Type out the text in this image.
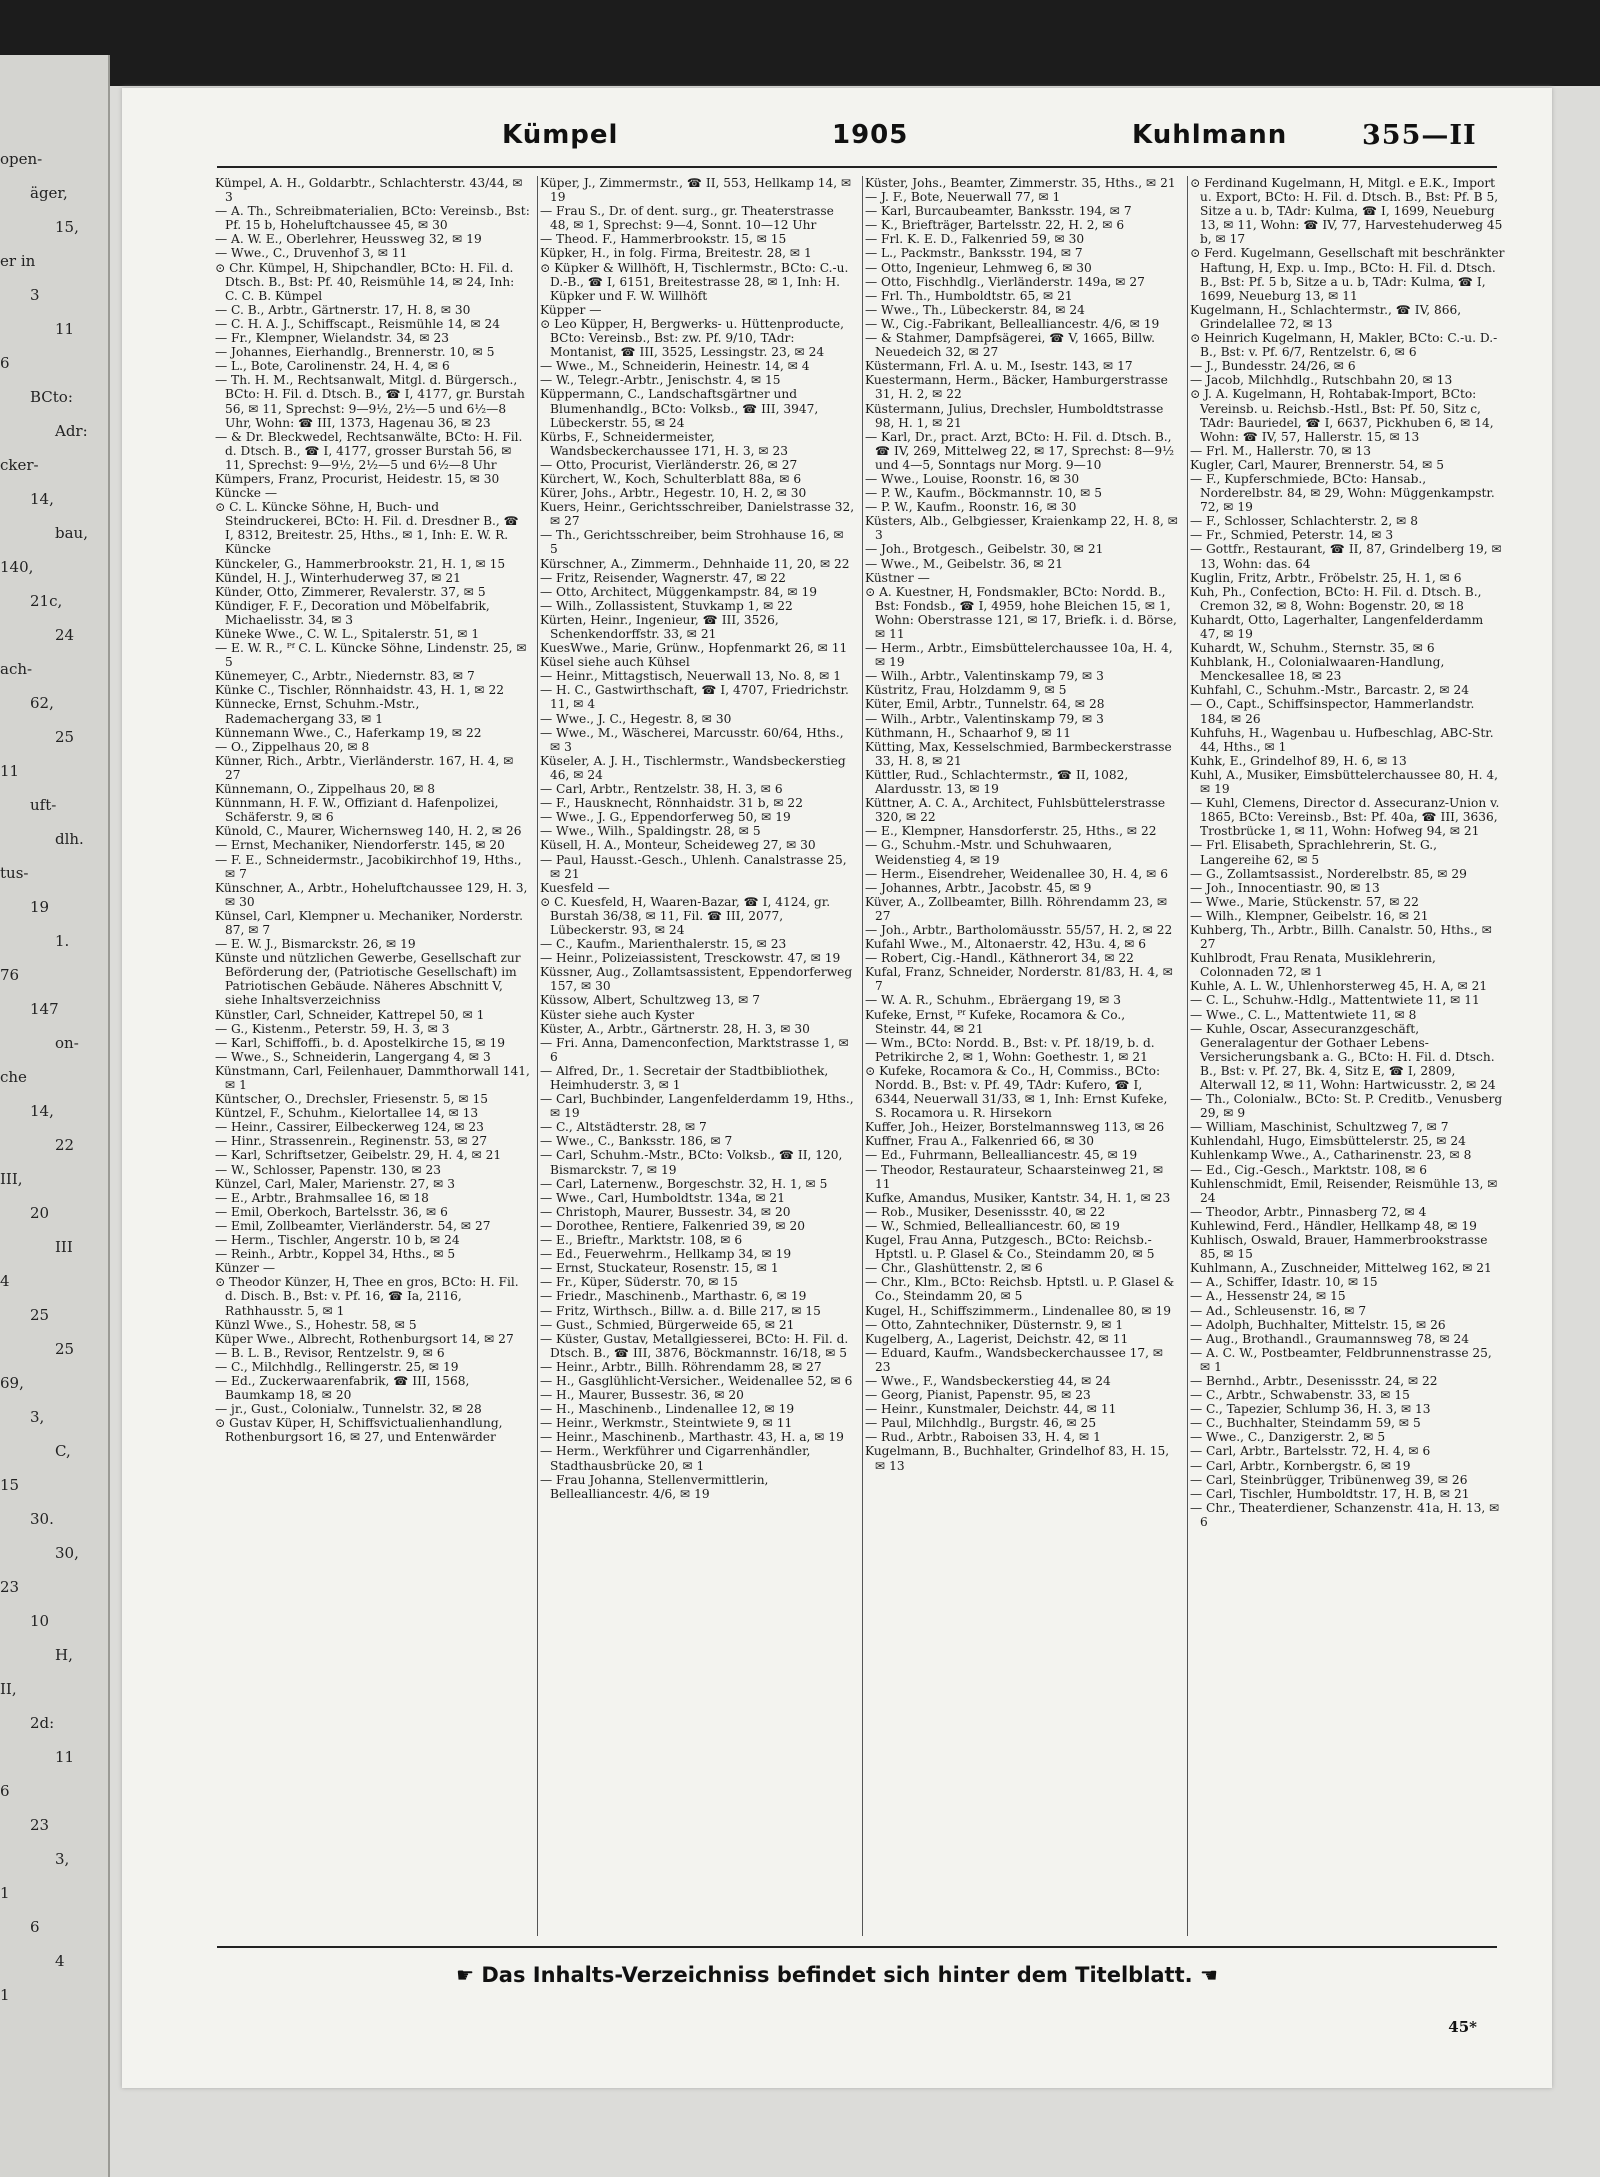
open-
äger,
15,
er in
3
11
6
BCto:
Adr:
cker-
14,
bau,
140,
21c,
24
ach-
62,
25
11
uft-
dlh.
tus-
19
1.
76
147
on-
che
14,
22
III,
20
III
4
25
25
69,
3,
C,
15
30.
30,
23
10
H,
II,
2d:
11
6
23
3,
1
6
4
1
Kümpel	1905	Kuhlmann	355—II

Kümpel, A. H., Goldarbtr., Schlachterstr. 43/44, ✉ 3

— A. Th., Schreibmaterialien, BCto: Vereinsb., Bst: Pf. 15 b, Hoheluftchaussee 45, ✉ 30

— A. W. E., Oberlehrer, Heussweg 32, ✉ 19

— Wwe., C., Druvenhof 3, ✉ 11

⊙ Chr. Kümpel, H, Shipchandler, BCto: H. Fil. d. Dtsch. B., Bst: Pf. 40, Reismühle 14, ✉ 24, Inh: C. C. B. Kümpel

— C. B., Arbtr., Gärtnerstr. 17, H. 8, ✉ 30

— C. H. A. J., Schiffscapt., Reismühle 14, ✉ 24

— Fr., Klempner, Wielandstr. 34, ✉ 23

— Johannes, Eierhandlg., Brennerstr. 10, ✉ 5

— L., Bote, Carolinenstr. 24, H. 4, ✉ 6

— Th. H. M., Rechtsanwalt, Mitgl. d. Bürgersch., BCto: H. Fil. d. Dtsch. B., ☎ I, 4177, gr. Burstah 56, ✉ 11, Sprechst: 9—9½, 2½—5 und 6½—8 Uhr, Wohn: ☎ III, 1373, Hagenau 36, ✉ 23

— & Dr. Bleckwedel, Rechtsanwälte, BCto: H. Fil. d. Dtsch. B., ☎ I, 4177, grosser Burstah 56, ✉ 11, Sprechst: 9—9½, 2½—5 und 6½—8 Uhr

Kümpers, Franz, Procurist, Heidestr. 15, ✉ 30

Küncke —

⊙ C. L. Küncke Söhne, H, Buch- und Steindruckerei, BCto: H. Fil. d. Dresdner B., ☎ I, 8312, Breitestr. 25, Hths., ✉ 1, Inh: E. W. R. Küncke

Künckeler, G., Hammerbrookstr. 21, H. 1, ✉ 15

Kündel, H. J., Winterhuderweg 37, ✉ 21

Künder, Otto, Zimmerer, Revalerstr. 37, ✉ 5

Kündiger, F. F., Decoration und Möbelfabrik, Michaelisstr. 34, ✉ 3

Küneke Wwe., C. W. L., Spitalerstr. 51, ✉ 1

— E. W. R., ᴾᶠ C. L. Küncke Söhne, Lindenstr. 25, ✉ 5

Künemeyer, C., Arbtr., Niedernstr. 83, ✉ 7

Künke C., Tischler, Rönnhaidstr. 43, H. 1, ✉ 22

Künnecke, Ernst, Schuhm.-Mstr., Rademachergang 33, ✉ 1

Künnemann Wwe., C., Haferkamp 19, ✉ 22

— O., Zippelhaus 20, ✉ 8

Künner, Rich., Arbtr., Vierländerstr. 167, H. 4, ✉ 27

Künnemann, O., Zippelhaus 20, ✉ 8

Künnmann, H. F. W., Offiziant d. Hafenpolizei, Schäferstr. 9, ✉ 6

Künold, C., Maurer, Wichernsweg 140, H. 2, ✉ 26

— Ernst, Mechaniker, Niendorferstr. 145, ✉ 20

— F. E., Schneidermstr., Jacobikirchhof 19, Hths., ✉ 7

Künschner, A., Arbtr., Hoheluftchaussee 129, H. 3, ✉ 30

Künsel, Carl, Klempner u. Mechaniker, Norderstr. 87, ✉ 7

— E. W. J., Bismarckstr. 26, ✉ 19

Künste und nützlichen Gewerbe, Gesellschaft zur Beförderung der, (Patriotische Gesellschaft) im Patriotischen Gebäude. Näheres Abschnitt V, siehe Inhaltsverzeichniss

Künstler, Carl, Schneider, Kattrepel 50, ✉ 1

— G., Kistenm., Peterstr. 59, H. 3, ✉ 3

— Karl, Schiffoffi., b. d. Apostelkirche 15, ✉ 19

— Wwe., S., Schneiderin, Langergang 4, ✉ 3

Künstmann, Carl, Feilenhauer, Dammthorwall 141, ✉ 1

Küntscher, O., Drechsler, Friesenstr. 5, ✉ 15

Küntzel, F., Schuhm., Kielortallee 14, ✉ 13

— Heinr., Cassirer, Eilbeckerweg 124, ✉ 23

— Hinr., Strassenrein., Reginenstr. 53, ✉ 27

— Karl, Schriftsetzer, Geibelstr. 29, H. 4, ✉ 21

— W., Schlosser, Papenstr. 130, ✉ 23

Künzel, Carl, Maler, Marienstr. 27, ✉ 3

— E., Arbtr., Brahmsallee 16, ✉ 18

— Emil, Oberkoch, Bartelsstr. 36, ✉ 6

— Emil, Zollbeamter, Vierländerstr. 54, ✉ 27

— Herm., Tischler, Angerstr. 10 b, ✉ 24

— Reinh., Arbtr., Koppel 34, Hths., ✉ 5

Künzer —

⊙ Theodor Künzer, H, Thee en gros, BCto: H. Fil. d. Disch. B., Bst: v. Pf. 16, ☎ Ia, 2116, Rathhausstr. 5, ✉ 1

Künzl Wwe., S., Hohestr. 58, ✉ 5

Küper Wwe., Albrecht, Rothenburgsort 14, ✉ 27

— B. L. B., Revisor, Rentzelstr. 9, ✉ 6

— C., Milchhdlg., Rellingerstr. 25, ✉ 19

— Ed., Zuckerwaarenfabrik, ☎ III, 1568, Baumkamp 18, ✉ 20

— jr., Gust., Colonialw., Tunnelstr. 32, ✉ 28

⊙ Gustav Küper, H, Schiffsvictualienhandlung, Rothenburgsort 16, ✉ 27, und Entenwärder

Küper, J., Zimmermstr., ☎ II, 553, Hellkamp 14, ✉ 19

— Frau S., Dr. of dent. surg., gr. Theaterstrasse 48, ✉ 1, Sprechst: 9—4, Sonnt. 10—12 Uhr

— Theod. F., Hammerbrookstr. 15, ✉ 15

Küpker, H., in folg. Firma, Breitestr. 28, ✉ 1

⊙ Küpker & Willhöft, H, Tischlermstr., BCto: C.-u. D.-B., ☎ I, 6151, Breitestrasse 28, ✉ 1, Inh: H. Küpker und F. W. Willhöft

Küpper —

⊙ Leo Küpper, H, Bergwerks- u. Hüttenproducte, BCto: Vereinsb., Bst: zw. Pf. 9/10, TAdr: Montanist, ☎ III, 3525, Lessingstr. 23, ✉ 24

— Wwe., M., Schneiderin, Heinestr. 14, ✉ 4

— W., Telegr.-Arbtr., Jenischstr. 4, ✉ 15

Küppermann, C., Landschaftsgärtner und Blumenhandlg., BCto: Volksb., ☎ III, 3947, Lübeckerstr. 55, ✉ 24

Kürbs, F., Schneidermeister, Wandsbeckerchaussee 171, H. 3, ✉ 23

— Otto, Procurist, Vierländerstr. 26, ✉ 27

Kürchert, W., Koch, Schulterblatt 88a, ✉ 6

Kürer, Johs., Arbtr., Hegestr. 10, H. 2, ✉ 30

Kuers, Heinr., Gerichtsschreiber, Danielstrasse 32, ✉ 27

— Th., Gerichtsschreiber, beim Strohhause 16, ✉ 5

Kürschner, A., Zimmerm., Dehnhaide 11, 20, ✉ 22

— Fritz, Reisender, Wagnerstr. 47, ✉ 22

— Otto, Architect, Müggenkampstr. 84, ✉ 19

— Wilh., Zollassistent, Stuvkamp 1, ✉ 22

Kürten, Heinr., Ingenieur, ☎ III, 3526, Schenkendorffstr. 33, ✉ 21

KuesWwe., Marie, Grünw., Hopfenmarkt 26, ✉ 11

Küsel siehe auch Kühsel

— Heinr., Mittagstisch, Neuerwall 13, No. 8, ✉ 1

— H. C., Gastwirthschaft, ☎ I, 4707, Friedrichstr. 11, ✉ 4

— Wwe., J. C., Hegestr. 8, ✉ 30

— Wwe., M., Wäscherei, Marcusstr. 60/64, Hths., ✉ 3

Küseler, A. J. H., Tischlermstr., Wandsbeckerstieg 46, ✉ 24

— Carl, Arbtr., Rentzelstr. 38, H. 3, ✉ 6

— F., Hausknecht, Rönnhaidstr. 31 b, ✉ 22

— Wwe., J. G., Eppendorferweg 50, ✉ 19

— Wwe., Wilh., Spaldingstr. 28, ✉ 5

Küsell, H. A., Monteur, Scheideweg 27, ✉ 30

— Paul, Hausst.-Gesch., Uhlenh. Canalstrasse 25, ✉ 21

Kuesfeld —

⊙ C. Kuesfeld, H, Waaren-Bazar, ☎ I, 4124, gr. Burstah 36/38, ✉ 11, Fil. ☎ III, 2077, Lübeckerstr. 93, ✉ 24

— C., Kaufm., Marienthalerstr. 15, ✉ 23

— Heinr., Polizeiassistent, Tresckowstr. 47, ✉ 19

Küssner, Aug., Zollamtsassistent, Eppendorferweg 157, ✉ 30

Küssow, Albert, Schultzweg 13, ✉ 7

Küster siehe auch Kyster

Küster, A., Arbtr., Gärtnerstr. 28, H. 3, ✉ 30

— Fri. Anna, Damenconfection, Marktstrasse 1, ✉ 6

— Alfred, Dr., 1. Secretair der Stadtbibliothek, Heimhuderstr. 3, ✉ 1

— Carl, Buchbinder, Langenfelderdamm 19, Hths., ✉ 19

— C., Altstädterstr. 28, ✉ 7

— Wwe., C., Banksstr. 186, ✉ 7

— Carl, Schuhm.-Mstr., BCto: Volksb., ☎ II, 120, Bismarckstr. 7, ✉ 19

— Carl, Laternenw., Borgeschstr. 32, H. 1, ✉ 5

— Wwe., Carl, Humboldtstr. 134a, ✉ 21

— Christoph, Maurer, Bussestr. 34, ✉ 20

— Dorothee, Rentiere, Falkenried 39, ✉ 20

— E., Brieftr., Marktstr. 108, ✉ 6

— Ed., Feuerwehrm., Hellkamp 34, ✉ 19

— Ernst, Stuckateur, Rosenstr. 15, ✉ 1

— Fr., Küper, Süderstr. 70, ✉ 15

— Friedr., Maschinenb., Marthastr. 6, ✉ 19

— Fritz, Wirthsch., Billw. a. d. Bille 217, ✉ 15

— Gust., Schmied, Bürgerweide 65, ✉ 21

— Küster, Gustav, Metallgiesserei, BCto: H. Fil. d. Dtsch. B., ☎ III, 3876, Böckmannstr. 16/18, ✉ 5

— Heinr., Arbtr., Billh. Röhrendamm 28, ✉ 27

— H., Gasglühlicht-Versicher., Weidenallee 52, ✉ 6

— H., Maurer, Bussestr. 36, ✉ 20

— H., Maschinenb., Lindenallee 12, ✉ 19

— Heinr., Werkmstr., Steintwiete 9, ✉ 11

— Heinr., Maschinenb., Marthastr. 43, H. a, ✉ 19

— Herm., Werkführer und Cigarrenhändler, Stadthausbrücke 20, ✉ 1

— Frau Johanna, Stellenvermittlerin, Bellealliancestr. 4/6, ✉ 19

Küster, Johs., Beamter, Zimmerstr. 35, Hths., ✉ 21

— J. F., Bote, Neuerwall 77, ✉ 1

— Karl, Burcaubeamter, Banksstr. 194, ✉ 7

— K., Briefträger, Bartelsstr. 22, H. 2, ✉ 6

— Frl. K. E. D., Falkenried 59, ✉ 30

— L., Packmstr., Banksstr. 194, ✉ 7

— Otto, Ingenieur, Lehmweg 6, ✉ 30

— Otto, Fischhdlg., Vierländerstr. 149a, ✉ 27

— Frl. Th., Humboldtstr. 65, ✉ 21

— Wwe., Th., Lübeckerstr. 84, ✉ 24

— W., Cig.-Fabrikant, Bellealliancestr. 4/6, ✉ 19

— & Stahmer, Dampfsägerei, ☎ V, 1665, Billw. Neuedeich 32, ✉ 27

Küstermann, Frl. A. u. M., Isestr. 143, ✉ 17

Kuestermann, Herm., Bäcker, Hamburgerstrasse 31, H. 2, ✉ 22

Küstermann, Julius, Drechsler, Humboldtstrasse 98, H. 1, ✉ 21

— Karl, Dr., pract. Arzt, BCto: H. Fil. d. Dtsch. B., ☎ IV, 269, Mittelweg 22, ✉ 17, Sprechst: 8—9½ und 4—5, Sonntags nur Morg. 9—10

— Wwe., Louise, Roonstr. 16, ✉ 30

— P. W., Kaufm., Böckmannstr. 10, ✉ 5

— P. W., Kaufm., Roonstr. 16, ✉ 30

Küsters, Alb., Gelbgiesser, Kraienkamp 22, H. 8, ✉ 3

— Joh., Brotgesch., Geibelstr. 30, ✉ 21

— Wwe., M., Geibelstr. 36, ✉ 21

Küstner —

⊙ A. Kuestner, H, Fondsmakler, BCto: Nordd. B., Bst: Fondsb., ☎ I, 4959, hohe Bleichen 15, ✉ 1, Wohn: Oberstrasse 121, ✉ 17, Briefk. i. d. Börse, ✉ 11

— Herm., Arbtr., Eimsbüttelerchaussee 10a, H. 4, ✉ 19

— Wilh., Arbtr., Valentinskamp 79, ✉ 3

Küstritz, Frau, Holzdamm 9, ✉ 5

Küter, Emil, Arbtr., Tunnelstr. 64, ✉ 28

— Wilh., Arbtr., Valentinskamp 79, ✉ 3

Küthmann, H., Schaarhof 9, ✉ 11

Kütting, Max, Kesselschmied, Barmbeckerstrasse 33, H. 8, ✉ 21

Küttler, Rud., Schlachtermstr., ☎ II, 1082, Alardusstr. 13, ✉ 19

Küttner, A. C. A., Architect, Fuhlsbüttelerstrasse 320, ✉ 22

— E., Klempner, Hansdorferstr. 25, Hths., ✉ 22

— G., Schuhm.-Mstr. und Schuhwaaren, Weidenstieg 4, ✉ 19

— Herm., Eisendreher, Weidenallee 30, H. 4, ✉ 6

— Johannes, Arbtr., Jacobstr. 45, ✉ 9

Küver, A., Zollbeamter, Billh. Röhrendamm 23, ✉ 27

— Joh., Arbtr., Bartholomäusstr. 55/57, H. 2, ✉ 22

Kufahl Wwe., M., Altonaerstr. 42, H3u. 4, ✉ 6

— Robert, Cig.-Handl., Käthnerort 34, ✉ 22

Kufal, Franz, Schneider, Norderstr. 81/83, H. 4, ✉ 7

— W. A. R., Schuhm., Ebräergang 19, ✉ 3

Kufeke, Ernst, ᴾᶠ Kufeke, Rocamora & Co., Steinstr. 44, ✉ 21

— Wm., BCto: Nordd. B., Bst: v. Pf. 18/19, b. d. Petrikirche 2, ✉ 1, Wohn: Goethestr. 1, ✉ 21

⊙ Kufeke, Rocamora & Co., H, Commiss., BCto: Nordd. B., Bst: v. Pf. 49, TAdr: Kufero, ☎ I, 6344, Neuerwall 31/33, ✉ 1, Inh: Ernst Kufeke, S. Rocamora u. R. Hirsekorn

Kuffer, Joh., Heizer, Borstelmannsweg 113, ✉ 26

Kuffner, Frau A., Falkenried 66, ✉ 30

— Ed., Fuhrmann, Bellealliancestr. 45, ✉ 19

— Theodor, Restaurateur, Schaarsteinweg 21, ✉ 11

Kufke, Amandus, Musiker, Kantstr. 34, H. 1, ✉ 23

— Rob., Musiker, Desenissstr. 40, ✉ 22

— W., Schmied, Bellealliancestr. 60, ✉ 19

Kugel, Frau Anna, Putzgesch., BCto: Reichsb.-Hptstl. u. P. Glasel & Co., Steindamm 20, ✉ 5

— Chr., Glashüttenstr. 2, ✉ 6

— Chr., Klm., BCto: Reichsb. Hptstl. u. P. Glasel & Co., Steindamm 20, ✉ 5

Kugel, H., Schiffszimmerm., Lindenallee 80, ✉ 19

— Otto, Zahntechniker, Düsternstr. 9, ✉ 1

Kugelberg, A., Lagerist, Deichstr. 42, ✉ 11

— Eduard, Kaufm., Wandsbeckerchaussee 17, ✉ 23

— Wwe., F., Wandsbeckerstieg 44, ✉ 24

— Georg, Pianist, Papenstr. 95, ✉ 23

— Heinr., Kunstmaler, Deichstr. 44, ✉ 11

— Paul, Milchhdlg., Burgstr. 46, ✉ 25

— Rud., Arbtr., Raboisen 33, H. 4, ✉ 1

Kugelmann, B., Buchhalter, Grindelhof 83, H. 15, ✉ 13

⊙ Ferdinand Kugelmann, H, Mitgl. e E.K., Import u. Export, BCto: H. Fil. d. Dtsch. B., Bst: Pf. B 5, Sitze a u. b, TAdr: Kulma, ☎ I, 1699, Neueburg 13, ✉ 11, Wohn: ☎ IV, 77, Harvestehuderweg 45 b, ✉ 17

⊙ Ferd. Kugelmann, Gesellschaft mit beschränkter Haftung, H, Exp. u. Imp., BCto: H. Fil. d. Dtsch. B., Bst: Pf. 5 b, Sitze a u. b, TAdr: Kulma, ☎ I, 1699, Neueburg 13, ✉ 11

Kugelmann, H., Schlachtermstr., ☎ IV, 866, Grindelallee 72, ✉ 13

⊙ Heinrich Kugelmann, H, Makler, BCto: C.-u. D.-B., Bst: v. Pf. 6/7, Rentzelstr. 6, ✉ 6

— J., Bundesstr. 24/26, ✉ 6

— Jacob, Milchhdlg., Rutschbahn 20, ✉ 13

⊙ J. A. Kugelmann, H, Rohtabak-Import, BCto: Vereinsb. u. Reichsb.-Hstl., Bst: Pf. 50, Sitz c, TAdr: Bauriedel, ☎ I, 6637, Pickhuben 6, ✉ 14, Wohn: ☎ IV, 57, Hallerstr. 15, ✉ 13

— Frl. M., Hallerstr. 70, ✉ 13

Kugler, Carl, Maurer, Brennerstr. 54, ✉ 5

— F., Kupferschmiede, BCto: Hansab., Norderelbstr. 84, ✉ 29, Wohn: Müggenkampstr. 72, ✉ 19

— F., Schlosser, Schlachterstr. 2, ✉ 8

— Fr., Schmied, Peterstr. 14, ✉ 3

— Gottfr., Restaurant, ☎ II, 87, Grindelberg 19, ✉ 13, Wohn: das. 64

Kuglin, Fritz, Arbtr., Fröbelstr. 25, H. 1, ✉ 6

Kuh, Ph., Confection, BCto: H. Fil. d. Dtsch. B., Cremon 32, ✉ 8, Wohn: Bogenstr. 20, ✉ 18

Kuhardt, Otto, Lagerhalter, Langenfelderdamm 47, ✉ 19

Kuhardt, W., Schuhm., Sternstr. 35, ✉ 6

Kuhblank, H., Colonialwaaren-Handlung, Menckesallee 18, ✉ 23

Kuhfahl, C., Schuhm.-Mstr., Barcastr. 2, ✉ 24

— O., Capt., Schiffsinspector, Hammerlandstr. 184, ✉ 26

Kuhfuhs, H., Wagenbau u. Hufbeschlag, ABC-Str. 44, Hths., ✉ 1

Kuhk, E., Grindelhof 89, H. 6, ✉ 13

Kuhl, A., Musiker, Eimsbüttelerchaussee 80, H. 4, ✉ 19

— Kuhl, Clemens, Director d. Assecuranz-Union v. 1865, BCto: Vereinsb., Bst: Pf. 40a, ☎ III, 3636, Trostbrücke 1, ✉ 11, Wohn: Hofweg 94, ✉ 21

— Frl. Elisabeth, Sprachlehrerin, St. G., Langereihe 62, ✉ 5

— G., Zollamtsassist., Norderelbstr. 85, ✉ 29

— Joh., Innocentiastr. 90, ✉ 13

— Wwe., Marie, Stückenstr. 57, ✉ 22

— Wilh., Klempner, Geibelstr. 16, ✉ 21

Kuhberg, Th., Arbtr., Billh. Canalstr. 50, Hths., ✉ 27

Kuhlbrodt, Frau Renata, Musiklehrerin, Colonnaden 72, ✉ 1

Kuhle, A. L. W., Uhlenhorsterweg 45, H. A, ✉ 21

— C. L., Schuhw.-Hdlg., Mattentwiete 11, ✉ 11

— Wwe., C. L., Mattentwiete 11, ✉ 8

— Kuhle, Oscar, Assecuranzgeschäft, Generalagentur der Gothaer Lebens-Versicherungsbank a. G., BCto: H. Fil. d. Dtsch. B., Bst: v. Pf. 27, Bk. 4, Sitz E, ☎ I, 2809, Alterwall 12, ✉ 11, Wohn: Hartwicusstr. 2, ✉ 24

— Th., Colonialw., BCto: St. P. Creditb., Venusberg 29, ✉ 9

— William, Maschinist, Schultzweg 7, ✉ 7

Kuhlendahl, Hugo, Eimsbüttelerstr. 25, ✉ 24

Kuhlenkamp Wwe., A., Catharinenstr. 23, ✉ 8

— Ed., Cig.-Gesch., Marktstr. 108, ✉ 6

Kuhlenschmidt, Emil, Reisender, Reismühle 13, ✉ 24

— Theodor, Arbtr., Pinnasberg 72, ✉ 4

Kuhlewind, Ferd., Händler, Hellkamp 48, ✉ 19

Kuhlisch, Oswald, Brauer, Hammerbrookstrasse 85, ✉ 15

Kuhlmann, A., Zuschneider, Mittelweg 162, ✉ 21

— A., Schiffer, Idastr. 10, ✉ 15

— A., Hessenstr 24, ✉ 15

— Ad., Schleusenstr. 16, ✉ 7

— Adolph, Buchhalter, Mittelstr. 15, ✉ 26

— Aug., Brothandl., Graumannsweg 78, ✉ 24

— A. C. W., Postbeamter, Feldbrunnenstrasse 25, ✉ 1

— Bernhd., Arbtr., Desenissstr. 24, ✉ 22

— C., Arbtr., Schwabenstr. 33, ✉ 15

— C., Tapezier, Schlump 36, H. 3, ✉ 13

— C., Buchhalter, Steindamm 59, ✉ 5

— Wwe., C., Danzigerstr. 2, ✉ 5

— Carl, Arbtr., Bartelsstr. 72, H. 4, ✉ 6

— Carl, Arbtr., Kornbergstr. 6, ✉ 19

— Carl, Steinbrügger, Tribünenweg 39, ✉ 26

— Carl, Tischler, Humboldtstr. 17, H. B, ✉ 21

— Chr., Theaterdiener, Schanzenstr. 41a, H. 13, ✉ 6

☛ Das Inhalts-Verzeichniss befindet sich hinter dem Titelblatt. ☚
45*
